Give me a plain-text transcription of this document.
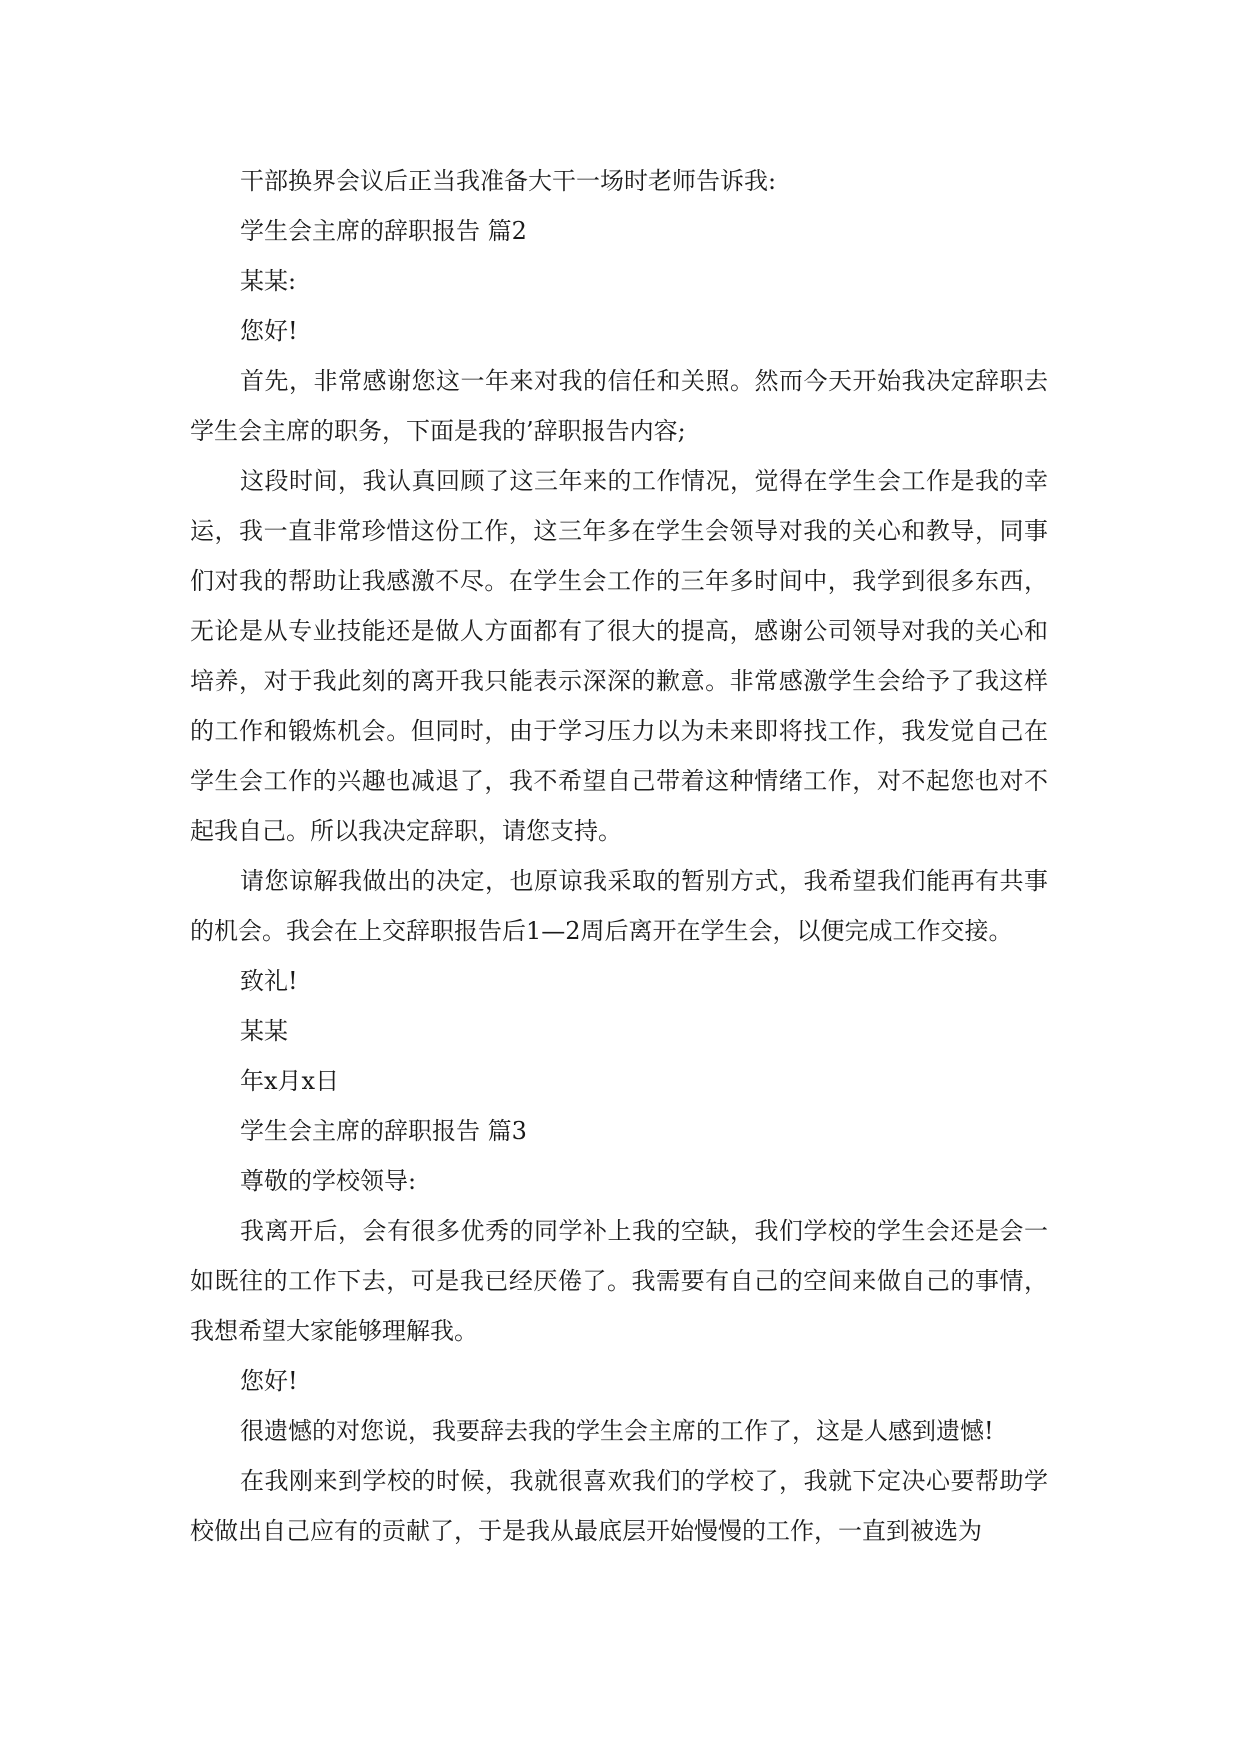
干部换界会议后正当我准备大干一场时老师告诉我:

学生会主席的辞职报告 篇2

某某:

您好!

首先，非常感谢您这一年来对我的信任和关照。然而今天开始我决定辞职去学生会主席的职务，下面是我的’辞职报告内容;

这段时间，我认真回顾了这三年来的工作情况，觉得在学生会工作是我的幸运，我一直非常珍惜这份工作，这三年多在学生会领导对我的关心和教导，同事们对我的帮助让我感激不尽。在学生会工作的三年多时间中，我学到很多东西，无论是从专业技能还是做人方面都有了很大的提高，感谢公司领导对我的关心和培养，对于我此刻的离开我只能表示深深的歉意。非常感激学生会给予了我这样的工作和锻炼机会。但同时，由于学习压力以为未来即将找工作，我发觉自己在学生会工作的兴趣也减退了，我不希望自己带着这种情绪工作，对不起您也对不起我自己。所以我决定辞职，请您支持。

请您谅解我做出的决定，也原谅我采取的暂别方式，我希望我们能再有共事的机会。我会在上交辞职报告后1—2周后离开在学生会，以便完成工作交接。

致礼!

某某

年x月x日

学生会主席的辞职报告 篇3

尊敬的学校领导:

我离开后，会有很多优秀的同学补上我的空缺，我们学校的学生会还是会一如既往的工作下去，可是我已经厌倦了。我需要有自己的空间来做自己的事情，我想希望大家能够理解我。

您好!

很遗憾的对您说，我要辞去我的学生会主席的工作了，这是人感到遗憾!

在我刚来到学校的时候，我就很喜欢我们的学校了，我就下定决心要帮助学校做出自己应有的贡献了，于是我从最底层开始慢慢的工作，一直到被选为
